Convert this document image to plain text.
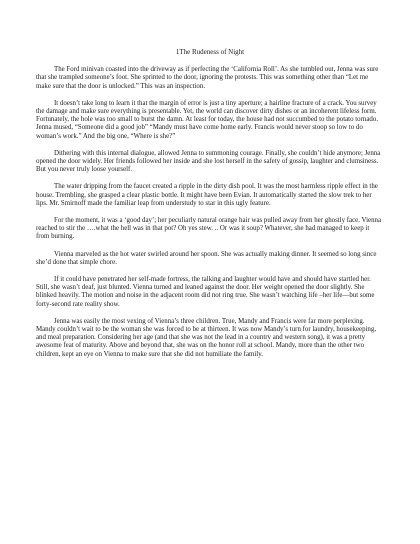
1The Rudeness of Night

The Ford minivan coasted into the driveway as if perfecting the ‘California Roll’. As she tumbled out, Jenna was sure that she trampled someone’s foot. She sprinted to the door, ignoring the protests. This was something other than “Let me make sure that the door is unlocked.” This was an inspection.

It doesn’t take long to learn it that the margin of error is just a tiny aperture; a hairline fracture of a crack. You survey the damage and make sure everything is presentable. Yet, the world can discover dirty dishes or an incoherent lifeless form. Fortunately, the hole was too small to burst the damn. At least for today, the house had not succumbed to the potato tornado. Jenna mused, “Someone did a good job” “Mandy must have come home early. Francis would never stoop so low to do woman’s work.” And the big one, “Where is she?”

Dithering with this internal dialogue, allowed Jenna to summoning courage. Finally, she couldn’t hide anymore; Jenna opened the door widely. Her friends followed her inside and she lost herself in the safety of gossip, laughter and clumsiness. But you never truly loose yourself.

The water dripping from the faucet created a ripple in the dirty dish pool. It was the most harmless ripple effect in the house. Trembling, she grasped a clear plastic bottle. It might have been Evian. It automatically started the slow trek to her lips. Mr. Smirnoff made the familiar leap from understudy to star in this ugly feature.

For the moment, it was a ‘good day’; her peculiarly natural orange hair was pulled away from her ghostly face. Vienna reached to stir the ….what the hell was in that pot? Oh yes stew. .. Or was it soup? Whatever, she had managed to keep it from burning.

Vienna marveled as the hot water swirled around her spoon. She was actually making dinner. It seemed so long since she’d done that simple chore.

If it could have penetrated her self-made fortress, the talking and laughter would have and should have startled her. Still, she wasn’t deaf, just blunted. Vienna turned and leaned against the door. Her weight opened the door slightly. She blinked heavily. The motion and noise in the adjacent room did not ring true. She wasn’t watching life –her life—but some forty-second rate reality show.

Jenna was easily the most vexing of Vienna’s three children. True, Mandy and Francis were far more perplexing. Mandy couldn’t wait to be the woman she was forced to be at thirteen. It was now Mandy’s turn for laundry, housekeeping, and meal preparation. Considering her age (and that she was not the lead in a country and western song), it was a pretty awesome feat of maturity. Above and beyond that, she was on the honor roll at school. Mandy, more than the other two children, kept an eye on Vienna to make sure that she did not humiliate the family.
